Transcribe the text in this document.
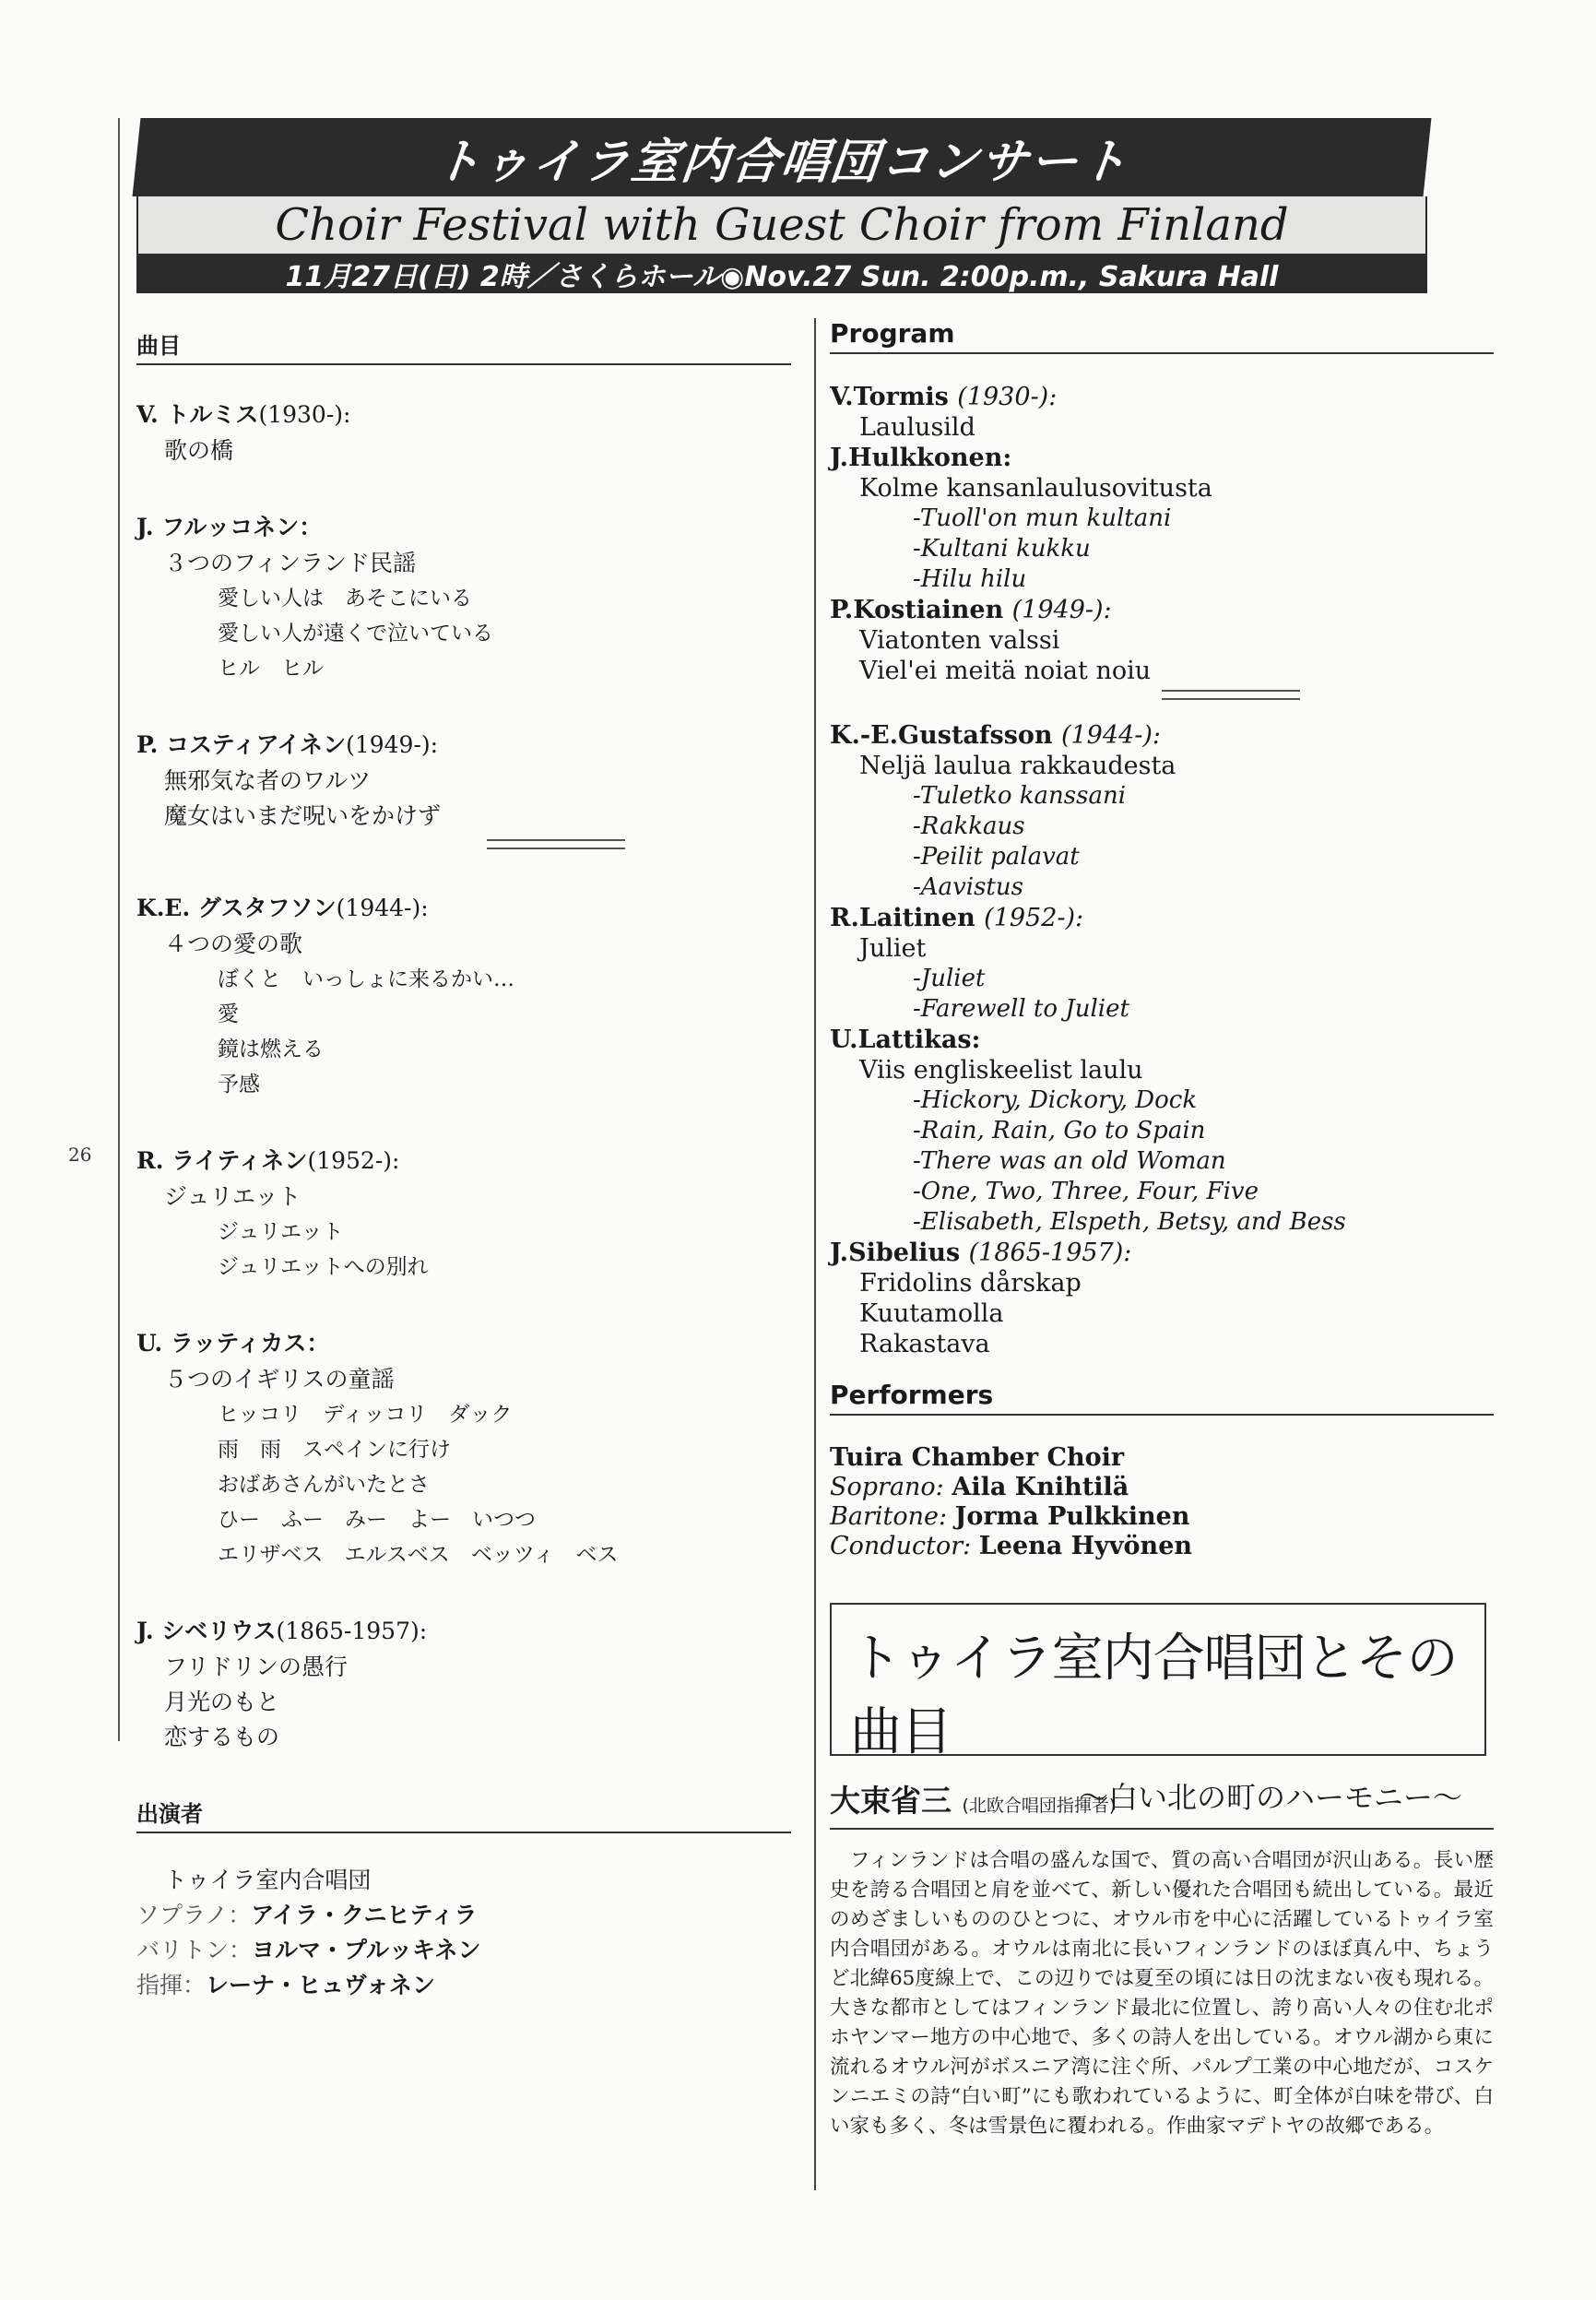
トゥイラ室内合唱団コンサート
Choir Festival with Guest Choir from Finland
11月27日(日) 2時／さくらホール◉Nov.27 Sun. 2:00p.m., Sakura Hall
26
曲目
V. トルミス(1930-):
歌の橋
J. フルッコネン：
３つのフィンランド民謡
愛しい人は　あそこにいる
愛しい人が遠くで泣いている
ヒル　ヒル
P. コスティアイネン(1949-):
無邪気な者のワルツ
魔女はいまだ呪いをかけず
K.E. グスタフソン(1944-):
４つの愛の歌
ぼくと　いっしょに来るかい…
愛
鏡は燃える
予感
R. ライティネン(1952-):
ジュリエット
ジュリエット
ジュリエットへの別れ
U. ラッティカス：
５つのイギリスの童謡
ヒッコリ　ディッコリ　ダック
雨　雨　スペインに行け
おばあさんがいたとさ
ひー　ふー　みー　よー　いつつ
エリザベス　エルスベス　ベッツィ　ベス
J. シベリウス(1865-1957):
フリドリンの愚行
月光のもと
恋するもの
出演者
トゥイラ室内合唱団
ソプラノ：アイラ・クニヒティラ
バリトン：ヨルマ・プルッキネン
指揮：レーナ・ヒュヴォネン
Program
V.Tormis (1930-):
Laulusild
J.Hulkkonen:
Kolme kansanlaulusovitusta
-Tuoll'on mun kultani
-Kultani kukku
-Hilu hilu
P.Kostiainen (1949-):
Viatonten valssi
Viel'ei meitä noiat noiu
K.-E.Gustafsson (1944-):
Neljä laulua rakkaudesta
-Tuletko kanssani
-Rakkaus
-Peilit palavat
-Aavistus
R.Laitinen (1952-):
Juliet
-Juliet
-Farewell to Juliet
U.Lattikas:
Viis engliskeelist laulu
-Hickory, Dickory, Dock
-Rain, Rain, Go to Spain
-There was an old Woman
-One, Two, Three, Four, Five
-Elisabeth, Elspeth, Betsy, and Bess
J.Sibelius (1865-1957):
Fridolins dårskap
Kuutamolla
Rakastava
Performers
Tuira Chamber Choir
Soprano: Aila Knihtilä
Baritone: Jorma Pulkkinen
Conductor: Leena Hyvönen
トゥイラ室内合唱団とその曲目
〜白い北の町のハーモニー〜
大束省三 (北欧合唱団指揮者)
　フィンランドは合唱の盛んな国で、質の高い合唱団が沢山ある。長い歴史を誇る合唱団と肩を並べて、新しい優れた合唱団も続出している。最近のめざましいもののひとつに、オウル市を中心に活躍しているトゥイラ室内合唱団がある。オウルは南北に長いフィンランドのほぼ真ん中、ちょうど北緯65度線上で、この辺りでは夏至の頃には日の沈まない夜も現れる。大きな都市としてはフィンランド最北に位置し、誇り高い人々の住む北ポホヤンマー地方の中心地で、多くの詩人を出している。オウル湖から東に流れるオウル河がボスニア湾に注ぐ所、パルプ工業の中心地だが、コスケンニエミの詩“白い町”にも歌われているように、町全体が白味を帯び、白い家も多く、冬は雪景色に覆われる。作曲家マデトヤの故郷である。
